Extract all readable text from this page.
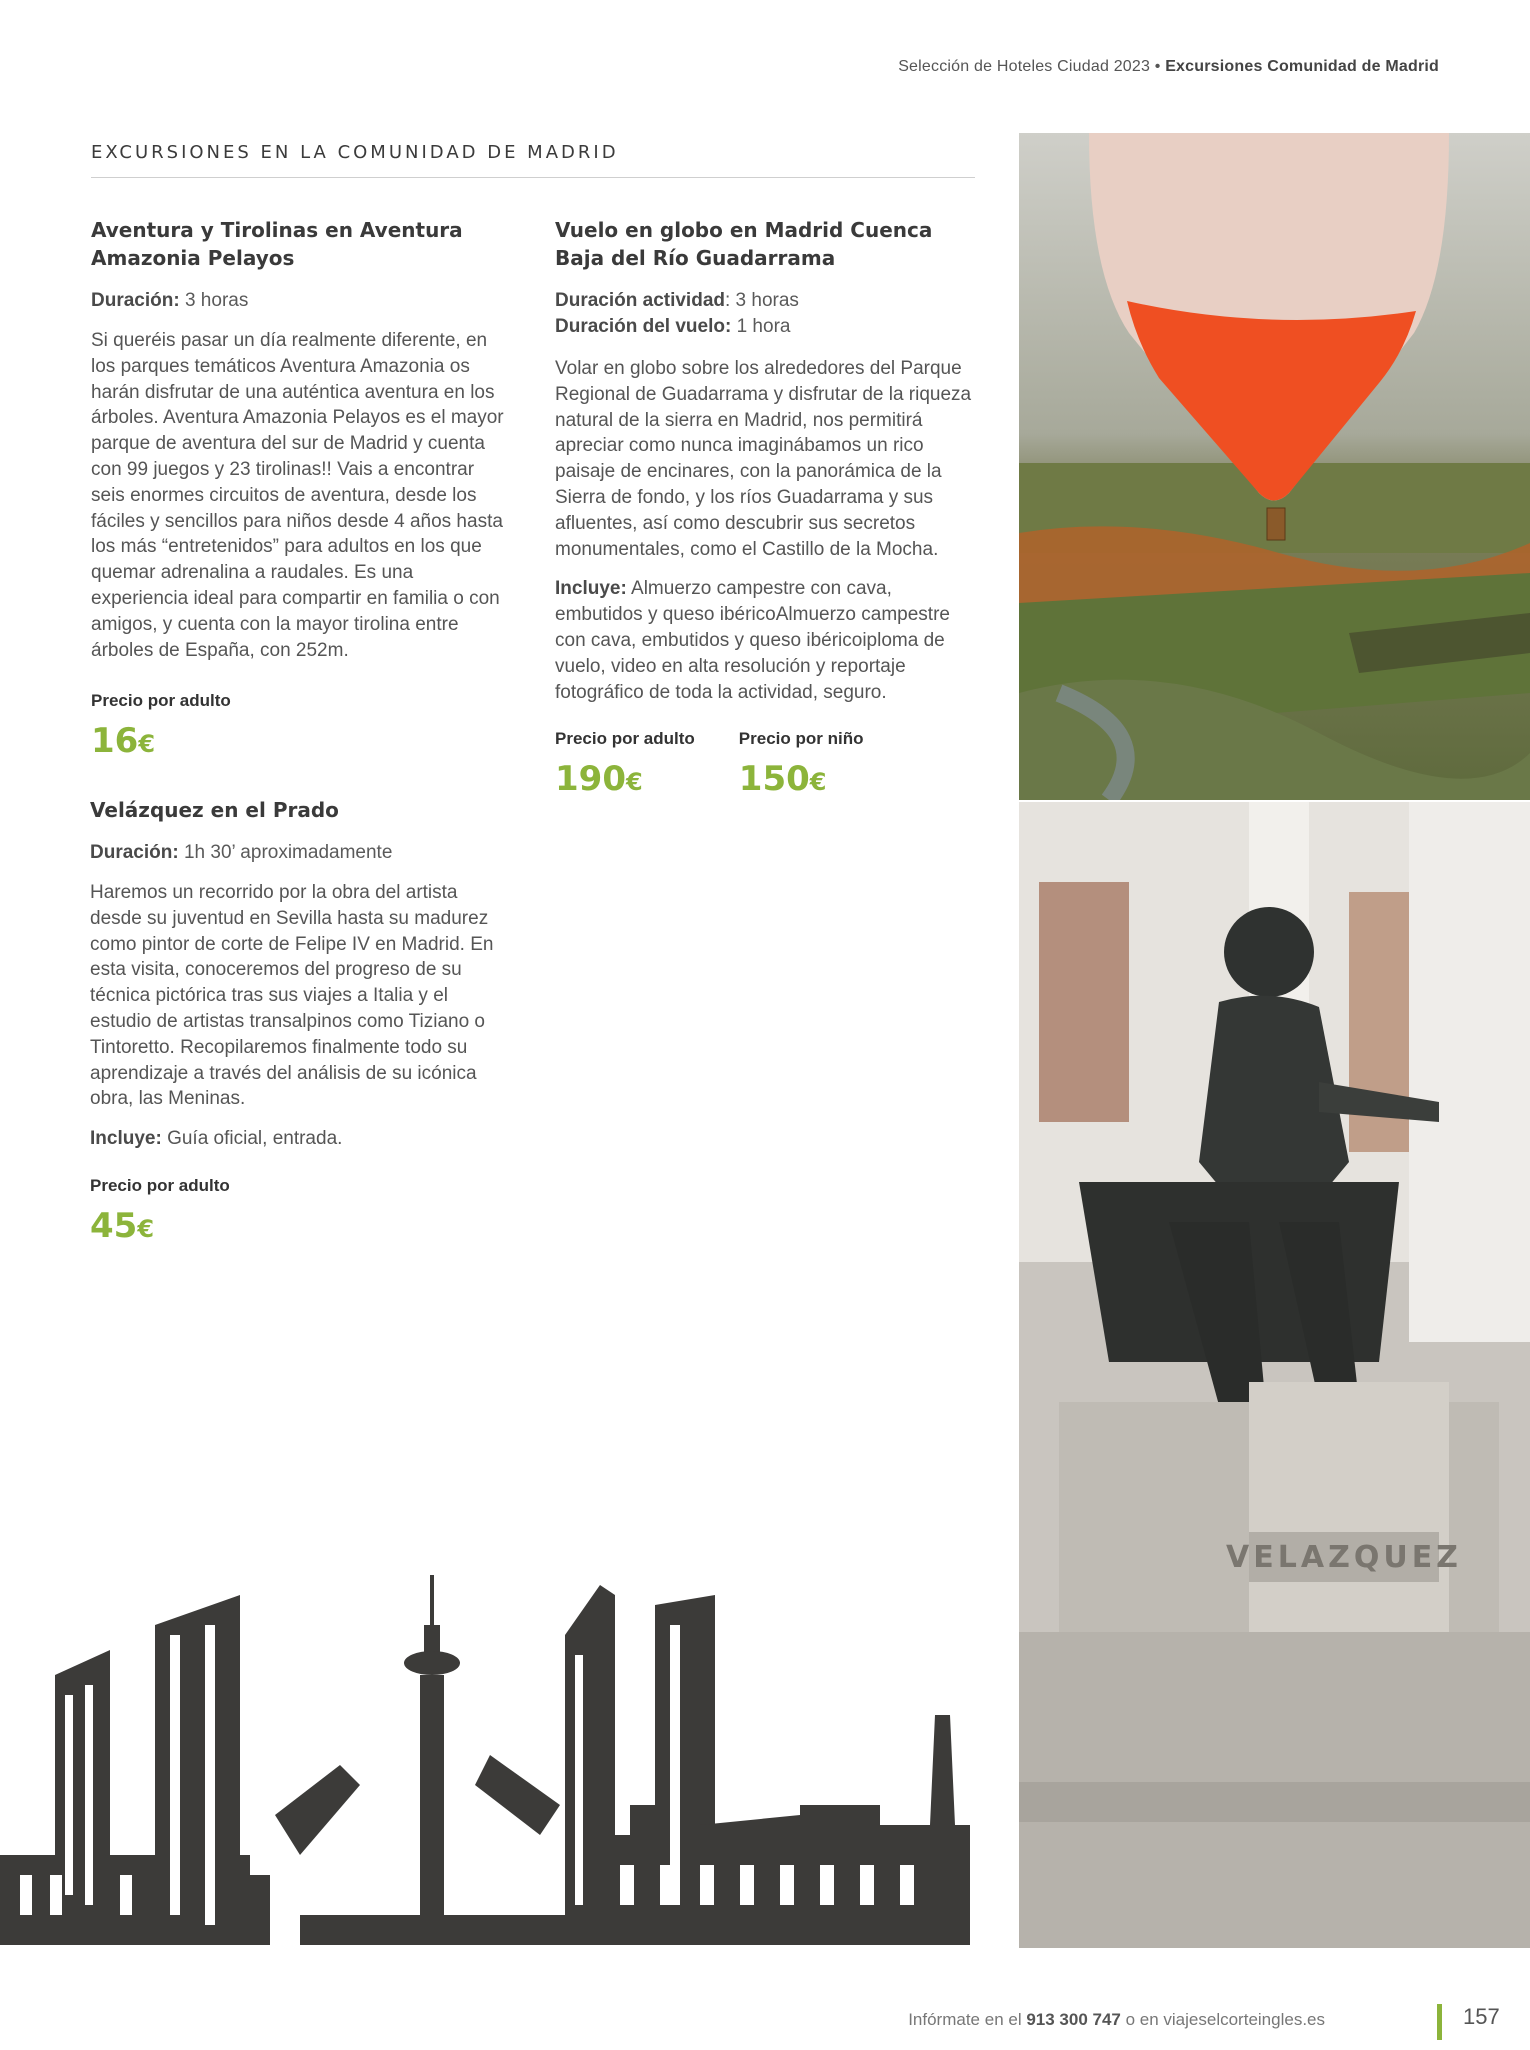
Selección de Hoteles Ciudad 2023 • Excursiones Comunidad de Madrid
EXCURSIONES EN LA COMUNIDAD DE MADRID
Aventura y Tirolinas en Aventura Amazonia Pelayos
Duración: 3 horas

Si queréis pasar un día realmente diferente, en los parques temáticos Aventura Amazonia os harán disfrutar de una auténtica aventura en los árboles. Aventura Amazonia Pelayos es el mayor parque de aventura del sur de Madrid y cuenta con 99 juegos y 23 tirolinas!! Vais a encontrar seis enormes circuitos de aventura, desde los fáciles y sencillos para niños desde 4 años hasta los más “entretenidos” para adultos en los que quemar adrenalina a raudales. Es una experiencia ideal para compartir en familia o con amigos, y cuenta con la mayor tirolina entre árboles de España, con 252m.

Precio por adulto
16€
Velázquez en el Prado
Duración: 1h 30’ aproximadamente

Haremos un recorrido por la obra del artista desde su juventud en Sevilla hasta su madurez como pintor de corte de Felipe IV en Madrid. En esta visita, conoceremos del progreso de su técnica pictórica tras sus viajes a Italia y el estudio de artistas transalpinos como Tiziano o Tintoretto. Recopilaremos finalmente todo su aprendizaje a través del análisis de su icónica obra, las Meninas.

Incluye: Guía oficial, entrada.
Precio por adulto
45€
Vuelo en globo en Madrid Cuenca Baja del Río Guadarrama
Duración actividad: 3 horas
Duración del vuelo: 1 hora

Volar en globo sobre los alrededores del Parque Regional de Guadarrama y disfrutar de la riqueza natural de la sierra en Madrid, nos permitirá apreciar como nunca imaginábamos un rico paisaje de encinares, con la panorámica de la Sierra de fondo, y los ríos Guadarrama y sus afluentes, así como descubrir sus secretos monumentales, como el Castillo de la Mocha.

Incluye: Almuerzo campestre con cava, embutidos y queso ibéricoAlmuerzo campestre con cava, embutidos y queso ibéricoiploma de vuelo, video en alta resolución y reportaje fotográfico de toda la actividad, seguro.
Precio por adulto
190€
Precio por niño
150€
VELAZQUEZ
Infórmate en el 913 300 747 o en viajeselcorteingles.es	157
